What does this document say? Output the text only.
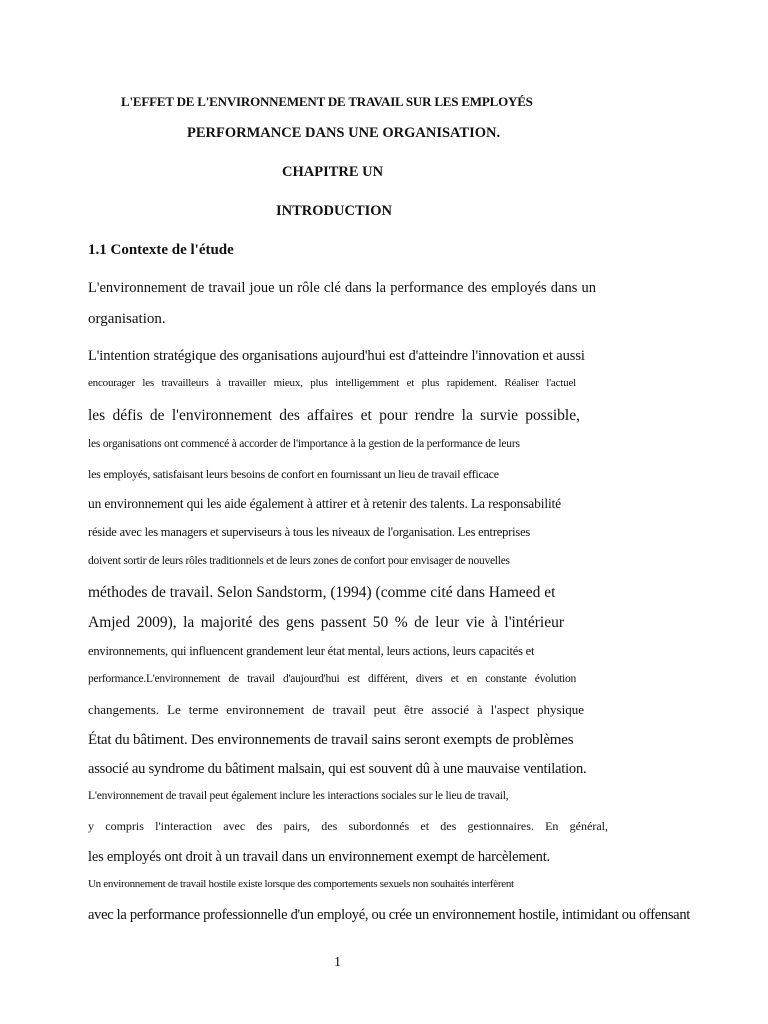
L'EFFET DE L'ENVIRONNEMENT DE TRAVAIL SUR LES EMPLOYÉS
PERFORMANCE DANS UNE ORGANISATION.
CHAPITRE UN
INTRODUCTION
1.1 Contexte de l'étude
L'environnement de travail joue un rôle clé dans la performance des employés dans un
organisation.
L'intention stratégique des organisations aujourd'hui est d'atteindre l'innovation et aussi
encourager les travailleurs à travailler mieux, plus intelligemment et plus rapidement. Réaliser l'actuel
les défis de l'environnement des affaires et pour rendre la survie possible,
les organisations ont commencé à accorder de l'importance à la gestion de la performance de leurs
les employés, satisfaisant leurs besoins de confort en fournissant un lieu de travail efficace
un environnement qui les aide également à attirer et à retenir des talents. La responsabilité
réside avec les managers et superviseurs à tous les niveaux de l'organisation. Les entreprises
doivent sortir de leurs rôles traditionnels et de leurs zones de confort pour envisager de nouvelles
méthodes de travail. Selon Sandstorm, (1994) (comme cité dans Hameed et
Amjed 2009), la majorité des gens passent 50 % de leur vie à l'intérieur
environnements, qui influencent grandement leur état mental, leurs actions, leurs capacités et
performance.L'environnement de travail d'aujourd'hui est différent, divers et en constante évolution
changements. Le terme environnement de travail peut être associé à l'aspect physique
État du bâtiment. Des environnements de travail sains seront exempts de problèmes
associé au syndrome du bâtiment malsain, qui est souvent dû à une mauvaise ventilation.
L'environnement de travail peut également inclure les interactions sociales sur le lieu de travail,
y compris l'interaction avec des pairs, des subordonnés et des gestionnaires. En général,
les employés ont droit à un travail dans un environnement exempt de harcèlement.
Un environnement de travail hostile existe lorsque des comportements sexuels non souhaités interfèrent
avec la performance professionnelle d'un employé, ou crée un environnement hostile, intimidant ou offensant
1
